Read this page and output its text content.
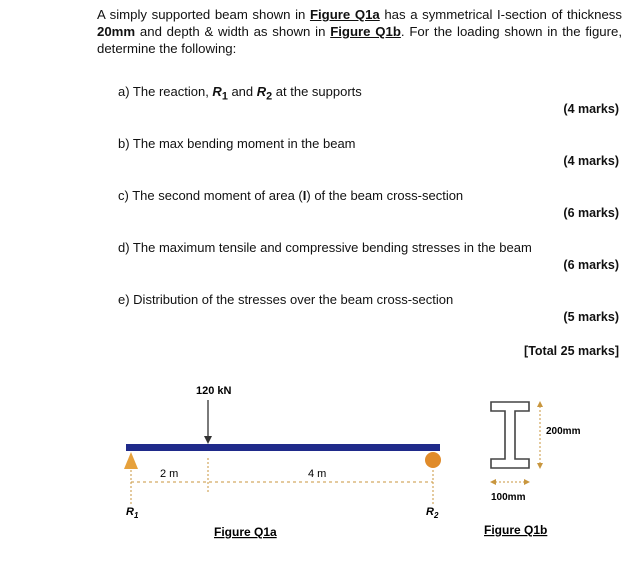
A simply supported beam shown in Figure Q1a has a symmetrical I-section of thickness 20mm and depth & width as shown in Figure Q1b. For the loading shown in the figure, determine the following:
a) The reaction, $R_1$ and $R_2$ at the supports
(4 marks)
b) The max bending moment in the beam
(4 marks)
c) The second moment of area (I) of the beam cross-section
(6 marks)
d) The maximum tensile and compressive bending stresses in the beam
(6 marks)
e) Distribution of the stresses over the beam cross-section
(5 marks)
[Total 25 marks]
120 kN
2 m	4 m
$R_1$	$R_2$
Figure Q1a
200mm
100mm
Figure Q1b
